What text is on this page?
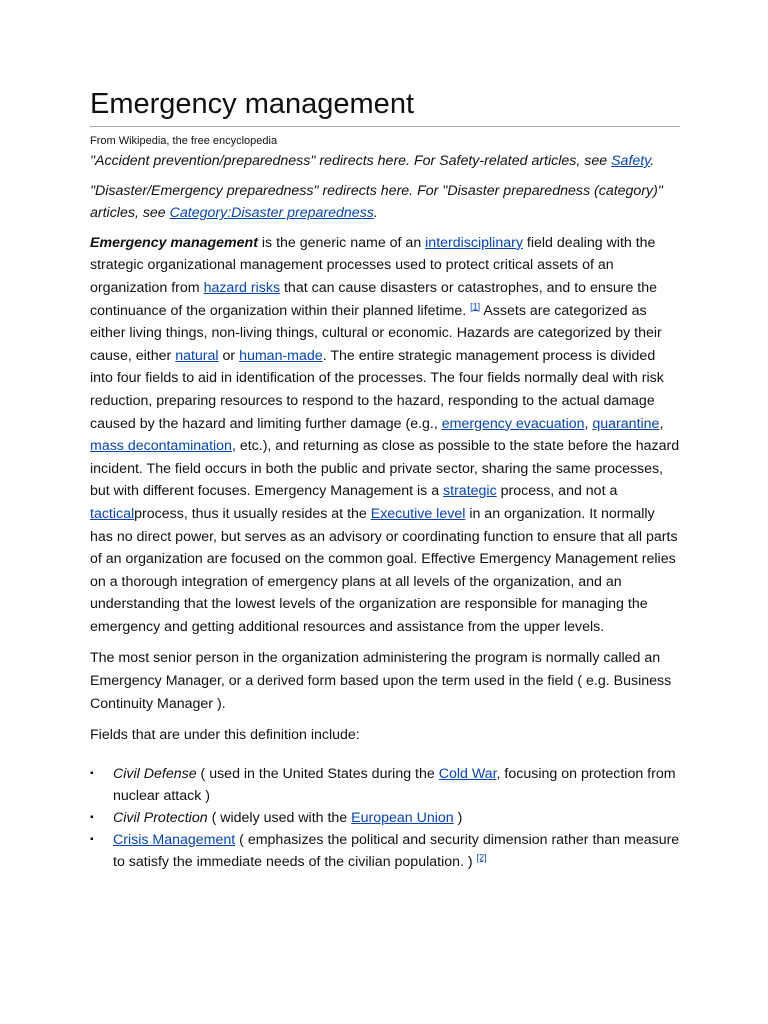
Emergency management

From Wikipedia, the free encyclopedia

"Accident prevention/preparedness" redirects here. For Safety-related articles, see Safety.

"Disaster/Emergency preparedness" redirects here. For "Disaster preparedness (category)" articles, see Category:Disaster preparedness.

Emergency management is the generic name of an interdisciplinary field dealing with the strategic organizational management processes used to protect critical assets of an organization from hazard risks that can cause disasters or catastrophes, and to ensure the continuance of the organization within their planned lifetime. [1] Assets are categorized as either living things, non-living things, cultural or economic. Hazards are categorized by their cause, either natural or human-made. The entire strategic management process is divided into four fields to aid in identification of the processes. The four fields normally deal with risk reduction, preparing resources to respond to the hazard, responding to the actual damage caused by the hazard and limiting further damage (e.g., emergency evacuation, quarantine, mass decontamination, etc.), and returning as close as possible to the state before the hazard incident. The field occurs in both the public and private sector, sharing the same processes, but with different focuses. Emergency Management is a strategic process, and not a tacticalprocess, thus it usually resides at the Executive level in an organization. It normally has no direct power, but serves as an advisory or coordinating function to ensure that all parts of an organization are focused on the common goal. Effective Emergency Management relies on a thorough integration of emergency plans at all levels of the organization, and an understanding that the lowest levels of the organization are responsible for managing the emergency and getting additional resources and assistance from the upper levels.

The most senior person in the organization administering the program is normally called an Emergency Manager, or a derived form based upon the term used in the field ( e.g. Business Continuity Manager ).

Fields that are under this definition include:

▪ Civil Defense ( used in the United States during the Cold War, focusing on protection from nuclear attack )
▪ Civil Protection ( widely used with the European Union )
▪ Crisis Management ( emphasizes the political and security dimension rather than measure to satisfy the immediate needs of the civilian population. ) [2]
